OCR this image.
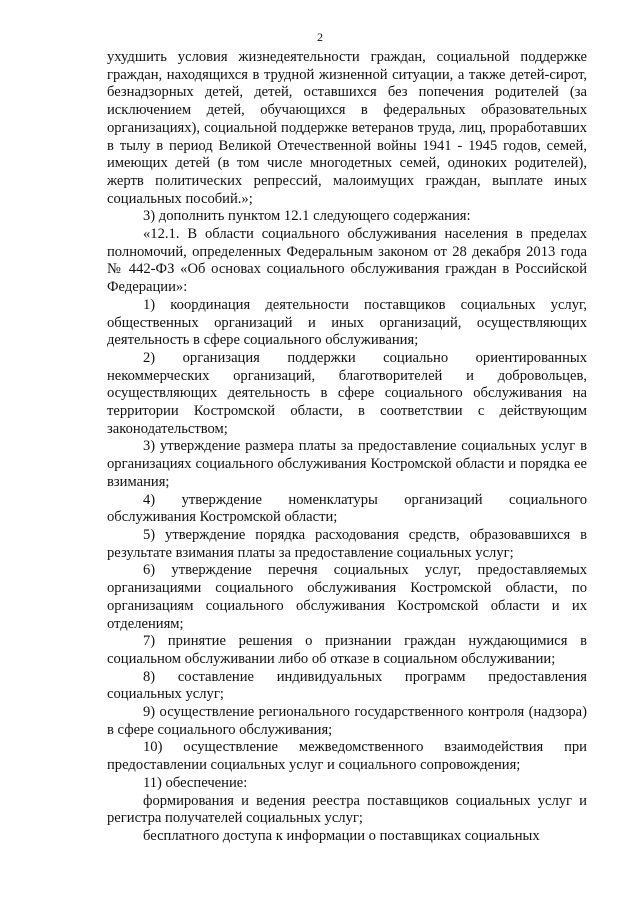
2

ухудшить условия жизнедеятельности граждан, социальной поддержке граждан, находящихся в трудной жизненной ситуации, а также детей-сирот, безнадзорных детей, детей, оставшихся без попечения родителей (за исключением детей, обучающихся в федеральных образовательных организациях), социальной поддержке ветеранов труда, лиц, проработавших в тылу в период Великой Отечественной войны 1941 - 1945 годов, семей, имеющих детей (в том числе многодетных семей, одиноких родителей), жертв политических репрессий, малоимущих граждан, выплате иных социальных пособий.»;

3) дополнить пунктом 12.1 следующего содержания:

«12.1. В области социального обслуживания населения в пределах полномочий, определенных Федеральным законом от 28 декабря 2013 года № 442-ФЗ «Об основах социального обслуживания граждан в Российской Федерации»:

1) координация деятельности поставщиков социальных услуг, общественных организаций и иных организаций, осуществляющих деятельность в сфере социального обслуживания;

2) организация поддержки социально ориентированных некоммерческих организаций, благотворителей и добровольцев, осуществляющих деятельность в сфере социального обслуживания на территории Костромской области, в соответствии с действующим законодательством;

3) утверждение размера платы за предоставление социальных услуг в организациях социального обслуживания Костромской области и порядка ее взимания;

4) утверждение номенклатуры организаций социального обслуживания Костромской области;

5) утверждение порядка расходования средств, образовавшихся в результате взимания платы за предоставление социальных услуг;

6) утверждение перечня социальных услуг, предоставляемых организациями социального обслуживания Костромской области, по организациям социального обслуживания Костромской области и их отделениям;

7) принятие решения о признании граждан нуждающимися в социальном обслуживании либо об отказе в социальном обслуживании;

8) составление индивидуальных программ предоставления социальных услуг;

9) осуществление регионального государственного контроля (надзора) в сфере социального обслуживания;

10) осуществление межведомственного взаимодействия при предоставлении социальных услуг и социального сопровождения;

11) обеспечение:

формирования и ведения реестра поставщиков социальных услуг и регистра получателей социальных услуг;

бесплатного доступа к информации о поставщиках социальных
